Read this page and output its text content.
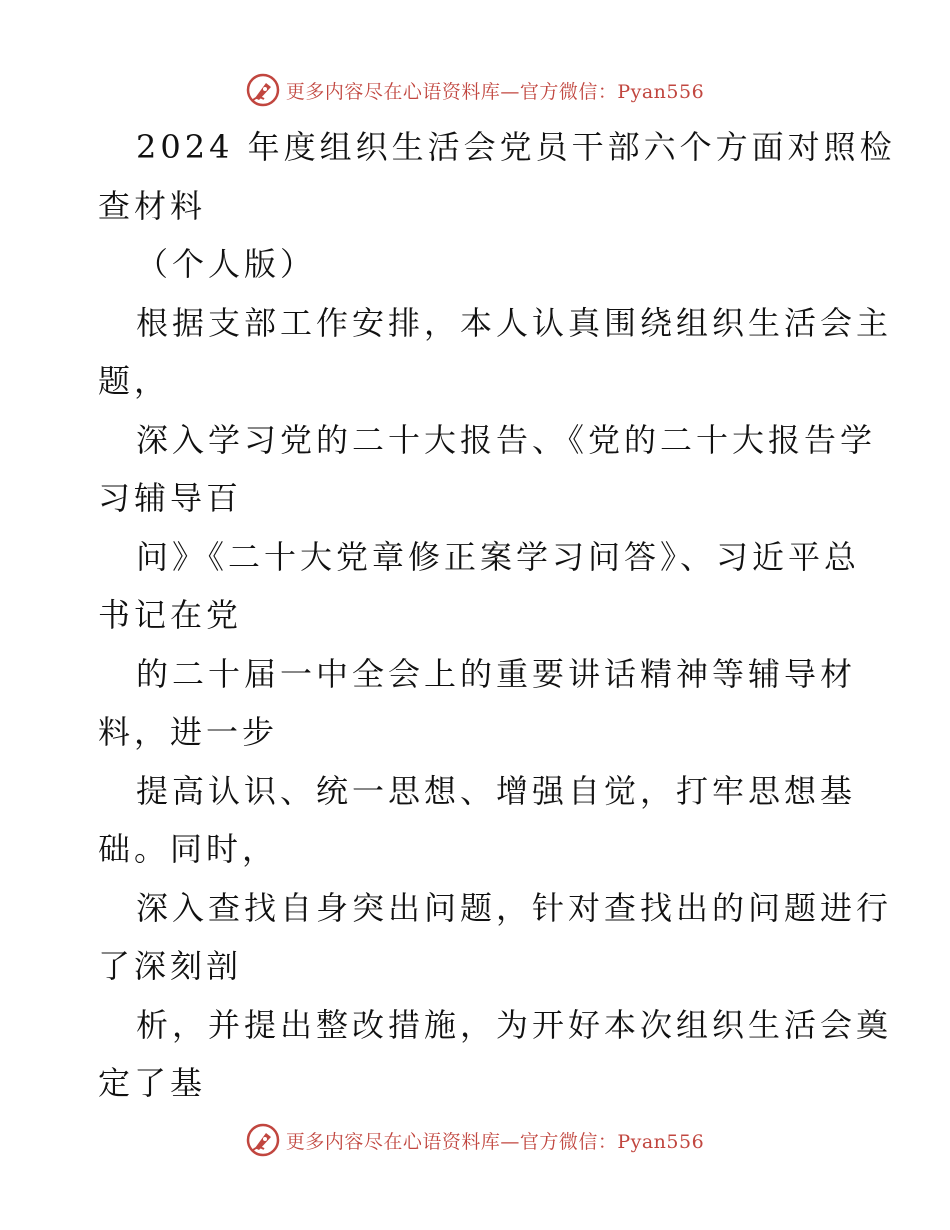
更多内容尽在心语资料库—官方微信：Pyan556
2024 年度组织生活会党员干部六个方面对照检
查材料
（个人版）
根据支部工作安排，本人认真围绕组织生活会主
题，
深入学习党的二十大报告、《党的二十大报告学
习辅导百
问》《二十大党章修正案学习问答》、习近平总
书记在党
的二十届一中全会上的重要讲话精神等辅导材
料，进一步
提高认识、统一思想、增强自觉，打牢思想基
础。同时，
深入查找自身突出问题，针对查找出的问题进行
了深刻剖
析，并提出整改措施，为开好本次组织生活会奠
定了基
更多内容尽在心语资料库—官方微信：Pyan556
